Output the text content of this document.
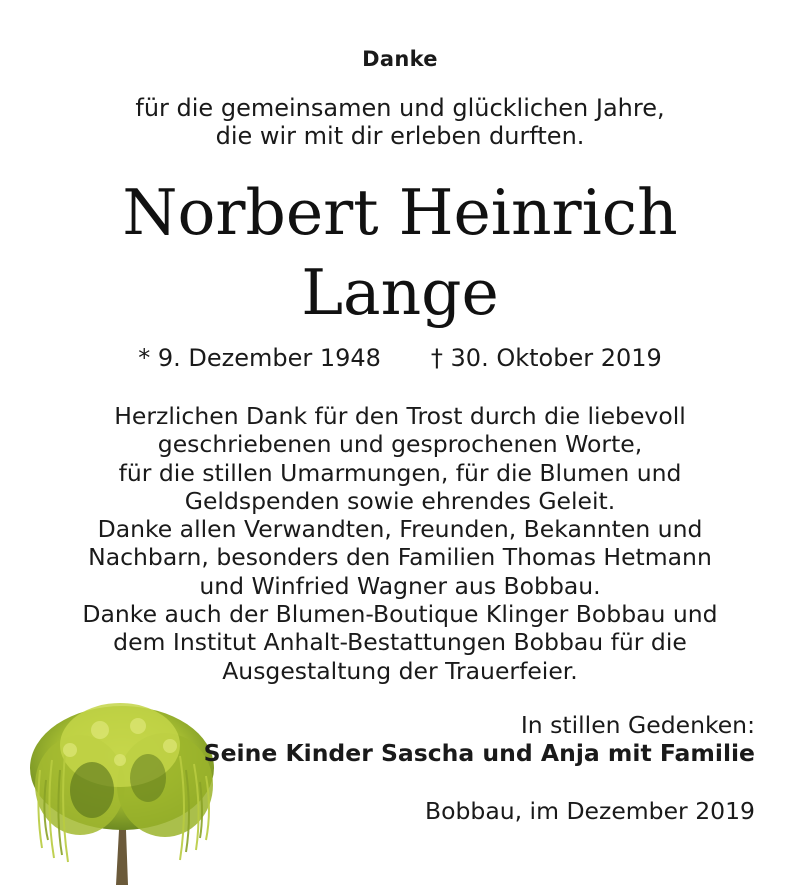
Danke
für die gemeinsamen und glücklichen Jahre,
die wir mit dir erleben durften.
Norbert Heinrich
Lange
* 9. Dezember 1948 † 30. Oktober 2019
Herzlichen Dank für den Trost durch die liebevoll
geschriebenen und gesprochenen Worte,
für die stillen Umarmungen, für die Blumen und
Geldspenden sowie ehrendes Geleit.
Danke allen Verwandten, Freunden, Bekannten und
Nachbarn, besonders den Familien Thomas Hetmann
und Winfried Wagner aus Bobbau.
Danke auch der Blumen-Boutique Klinger Bobbau und
dem Institut Anhalt-Bestattungen Bobbau für die
Ausgestaltung der Trauerfeier.
In stillen Gedenken:
Seine Kinder Sascha und Anja mit Familie
Bobbau, im Dezember 2019
